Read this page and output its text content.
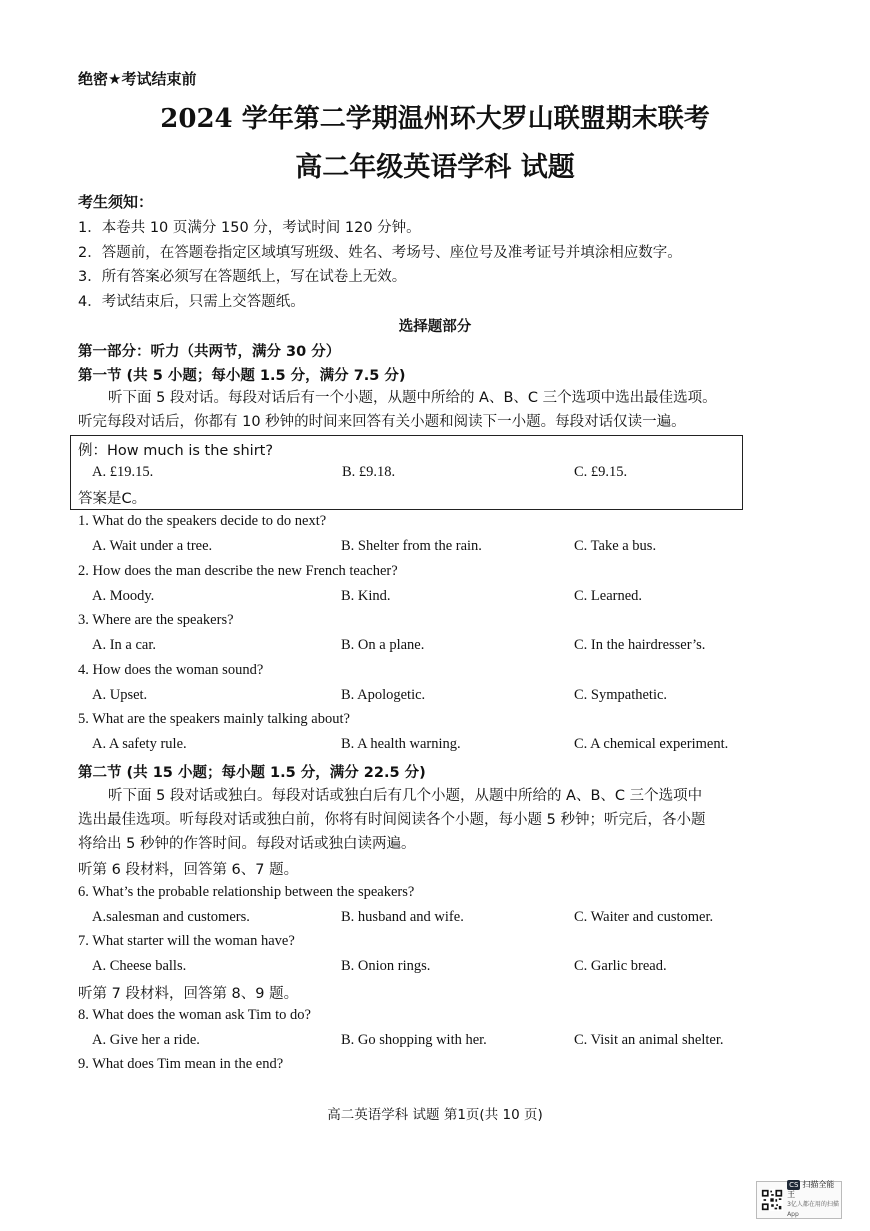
绝密★考试结束前
2024 学年第二学期温州环大罗山联盟期末联考
高二年级英语学科 试题
考生须知：
1．本卷共 10 页满分 150 分，考试时间 120 分钟。
2．答题前，在答题卷指定区域填写班级、姓名、考场号、座位号及准考证号并填涂相应数字。
3．所有答案必须写在答题纸上，写在试卷上无效。
4．考试结束后，只需上交答题纸。
选择题部分
第一部分：听力（共两节，满分 30 分）
第一节 (共 5 小题；每小题 1.5 分，满分 7.5 分)

听下面 5 段对话。每段对话后有一个小题，从题中所给的 A、B、C 三个选项中选出最佳选项。

听完每段对话后，你都有 10 秒钟的时间来回答有关小题和阅读下一小题。每段对话仅读一遍。

例：How much is the shirt?
A. £19.15.	B. £9.18.	C. £9.15.
答案是C。
1. What do the speakers decide to do next?
A. Wait under a tree.	B. Shelter from the rain.	C. Take a bus.
2. How does the man describe the new French teacher?
A. Moody.	B. Kind.	C. Learned.
3. Where are the speakers?
A. In a car.	B. On a plane.	C. In the hairdresser’s.
4. How does the woman sound?
A. Upset.	B. Apologetic.	C. Sympathetic.
5. What are the speakers mainly talking about?
A. A safety rule.	B. A health warning.	C. A chemical experiment.
第二节 (共 15 小题；每小题 1.5 分，满分 22.5 分)

听下面 5 段对话或独白。每段对话或独白后有几个小题，从题中所给的 A、B、C 三个选项中

选出最佳选项。听每段对话或独白前，你将有时间阅读各个小题，每小题 5 秒钟；听完后，各小题

将给出 5 秒钟的作答时间。每段对话或独白读两遍。

听第 6 段材料，回答第 6、7 题。
6. What’s the probable relationship between the speakers?
A.salesman and customers.	B. husband and wife.	C. Waiter and customer.
7. What starter will the woman have?
A. Cheese balls.	B. Onion rings.	C. Garlic bread.
听第 7 段材料，回答第 8、9 题。
8. What does the woman ask Tim to do?
A. Give her a ride.	B. Go shopping with her.	C. Visit an animal shelter.
9. What does Tim mean in the end?
高二英语学科 试题 第1页(共 10 页)
CS 扫描全能王
3亿人都在用的扫描App
